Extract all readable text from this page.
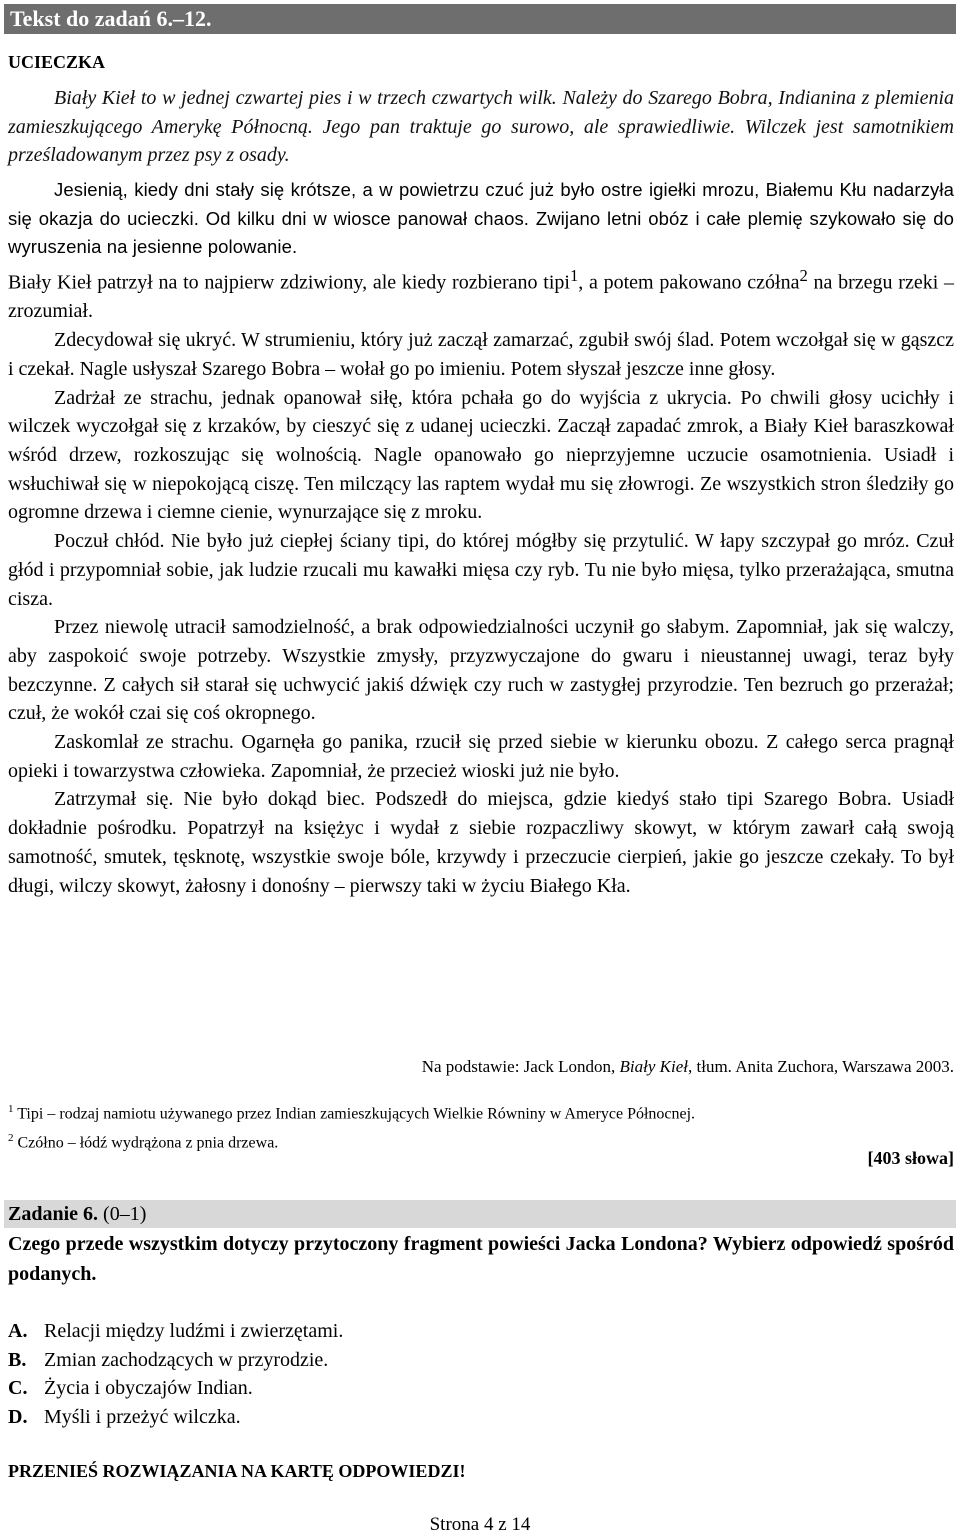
Tekst do zadań 6.–12.
UCIECZKA

Biały Kieł to w jednej czwartej pies i w trzech czwartych wilk. Należy do Szarego Bobra, Indianina z plemienia zamieszkującego Amerykę Północną. Jego pan traktuje go surowo, ale sprawiedliwie. Wilczek jest samotnikiem prześladowanym przez psy z osady.

Jesienią, kiedy dni stały się krótsze, a w powietrzu czuć już było ostre igiełki mrozu, Białemu Kłu nadarzyła się okazja do ucieczki. Od kilku dni w wiosce panował chaos. Zwijano letni obóz i całe plemię szykowało się do wyruszenia na jesienne polowanie.

Biały Kieł patrzył na to najpierw zdziwiony, ale kiedy rozbierano tipi$^1$, a potem pakowano czółna$^2$ na brzegu rzeki – zrozumiał.

Zdecydował się ukryć. W strumieniu, który już zaczął zamarzać, zgubił swój ślad. Potem wczołgał się w gąszcz i czekał. Nagle usłyszał Szarego Bobra – wołał go po imieniu. Potem słyszał jeszcze inne głosy.

Zadrżał ze strachu, jednak opanował siłę, która pchała go do wyjścia z ukrycia. Po chwili głosy ucichły i wilczek wyczołgał się z krzaków, by cieszyć się z udanej ucieczki. Zaczął zapadać zmrok, a Biały Kieł baraszkował wśród drzew, rozkoszując się wolnością. Nagle opanowało go nieprzyjemne uczucie osamotnienia. Usiadł i wsłuchiwał się w niepokojącą ciszę. Ten milczący las raptem wydał mu się złowrogi. Ze wszystkich stron śledziły go ogromne drzewa i ciemne cienie, wynurzające się z mroku.

Poczuł chłód. Nie było już ciepłej ściany tipi, do której mógłby się przytulić. W łapy szczypał go mróz. Czuł głód i przypomniał sobie, jak ludzie rzucali mu kawałki mięsa czy ryb. Tu nie było mięsa, tylko przerażająca, smutna cisza.

Przez niewolę utracił samodzielność, a brak odpowiedzialności uczynił go słabym. Zapomniał, jak się walczy, aby zaspokoić swoje potrzeby. Wszystkie zmysły, przyzwyczajone do gwaru i nieustannej uwagi, teraz były bezczynne. Z całych sił starał się uchwycić jakiś dźwięk czy ruch w zastygłej przyrodzie. Ten bezruch go przerażał; czuł, że wokół czai się coś okropnego.

Zaskomlał ze strachu. Ogarnęła go panika, rzucił się przed siebie w kierunku obozu. Z całego serca pragnął opieki i towarzystwa człowieka. Zapomniał, że przecież wioski już nie było.

Zatrzymał się. Nie było dokąd biec. Podszedł do miejsca, gdzie kiedyś stało tipi Szarego Bobra. Usiadł dokładnie pośrodku. Popatrzył na księżyc i wydał z siebie rozpaczliwy skowyt, w którym zawarł całą swoją samotność, smutek, tęsknotę, wszystkie swoje bóle, krzywdy i przeczucie cierpień, jakie go jeszcze czekały. To był długi, wilczy skowyt, żałosny i donośny – pierwszy taki w życiu Białego Kła.

Na podstawie: Jack London, Biały Kieł, tłum. Anita Zuchora, Warszawa 2003.
$^1$ Tipi – rodzaj namiotu używanego przez Indian zamieszkujących Wielkie Równiny w Ameryce Północnej.
$^2$ Czółno – łódź wydrążona z pnia drzewa.
[403 słowa]
Zadanie 6. (0–1)
Czego przede wszystkim dotyczy przytoczony fragment powieści Jacka Londona? Wybierz odpowiedź spośród podanych.
A. Relacji między ludźmi i zwierzętami.
B. Zmian zachodzących w przyrodzie.
C. Życia i obyczajów Indian.
D. Myśli i przeżyć wilczka.
PRZENIEŚ ROZWIĄZANIA NA KARTĘ ODPOWIEDZI!
Strona 4 z 14
